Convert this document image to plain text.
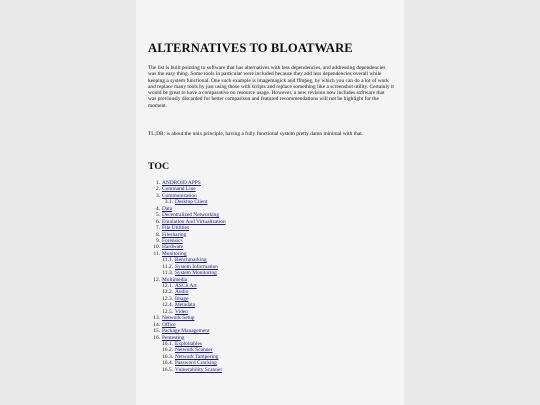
ALTERNATIVES TO BLOATWARE

The list is built pointing to software that has alternatives with less dependencies, and addressing dependencies was the easy thing. Some tools in particular were included because they add less dependencies overall while keeping a system functional. One such example is imagemagick and ffmpeg, by which you can do a lot of work and replace many tools by just using those with scripts and replace something like a screenshot utility. Certainly it would be great to have a comparative on resource usage. However, a new revision now includes software that was previously discarded for better comparison and featured recommendations will not be highlight for the moment.

TL;DR: is about the unix principle, having a fully functional system pretty damn minimal with that.

TOC
1. ANDROID APPS
2. Command Line
3. Communication
3.1. Desktop Client
4. Data
5. Decentralized Networking
6. Emulation And Virtualization
7. File Utilities
8. Filesharing
9. Forensics
10. Hardware
11. Monitoring
11.1. Benchmarking
11.2. System Information
11.3. System Monitoring
12. Multimedia
12.1. ASCii Art
12.2. Audio
12.3. Image
12.4. Metadata
12.5. Video
13. Network Setup
14. Office
15. Package Management
16. Pentesting
16.1. Exploitables
16.2. Network Scanner
16.3. Network Tampering
16.4. Password Cracking
16.5. Vulnerability Scanner
